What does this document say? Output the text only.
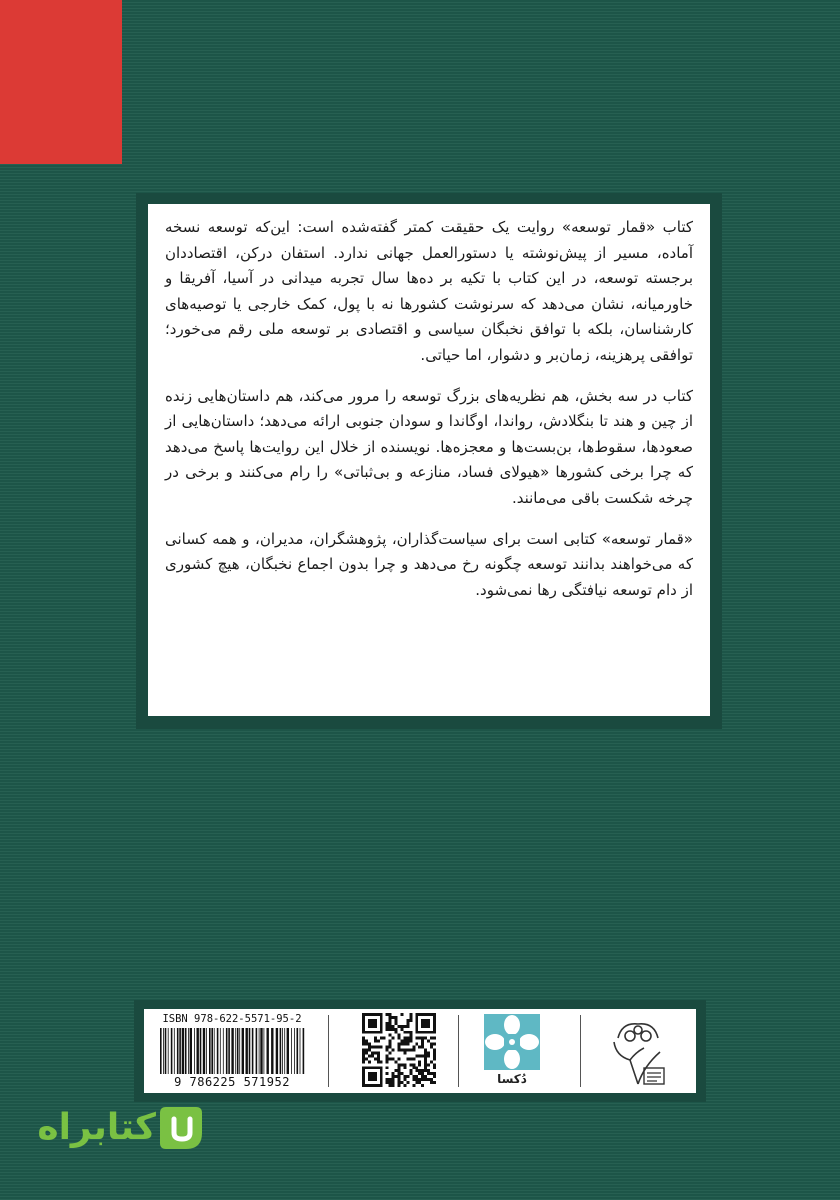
کتاب «قمار توسعه» روایت یک حقیقت کمتر گفته‌شده است: این‌که توسعه نسخه آماده، مسیر از پیش‌نوشته یا دستورالعمل جهانی ندارد. استفان درکن، اقتصاددان برجسته توسعه، در این کتاب با تکیه بر ده‌ها سال تجربه میدانی در آسیا، آفریقا و خاورمیانه، نشان می‌دهد که سرنوشت کشورها نه با پول، کمک خارجی یا توصیه‌های کارشناسان، بلکه با توافق نخبگان سیاسی و اقتصادی بر توسعه ملی رقم می‌خورد؛ توافقی پرهزینه، زمان‌بر و دشوار، اما حیاتی.

کتاب در سه بخش، هم نظریه‌های بزرگ توسعه را مرور می‌کند، هم داستان‌هایی زنده از چین و هند تا بنگلادش، رواندا، اوگاندا و سودان جنوبی ارائه می‌دهد؛ داستان‌هایی از صعودها، سقوط‌ها، بن‌بست‌ها و معجزه‌ها. نویسنده از خلال این روایت‌ها پاسخ می‌دهد که چرا برخی کشورها «هیولای فساد، منازعه و بی‌ثباتی» را رام می‌کنند و برخی در چرخه شکست باقی می‌مانند.

«قمار توسعه» کتابی است برای سیاست‌گذاران، پژوهشگران، مدیران، و همه کسانی که می‌خواهند بدانند توسعه چگونه رخ می‌دهد و چرا بدون اجماع نخبگان، هیچ کشوری از دام توسعه نیافتگی رها نمی‌شود.

ISBN 978-622-5571-95-2
9 786225 571952	دُکسا
کتابراه
